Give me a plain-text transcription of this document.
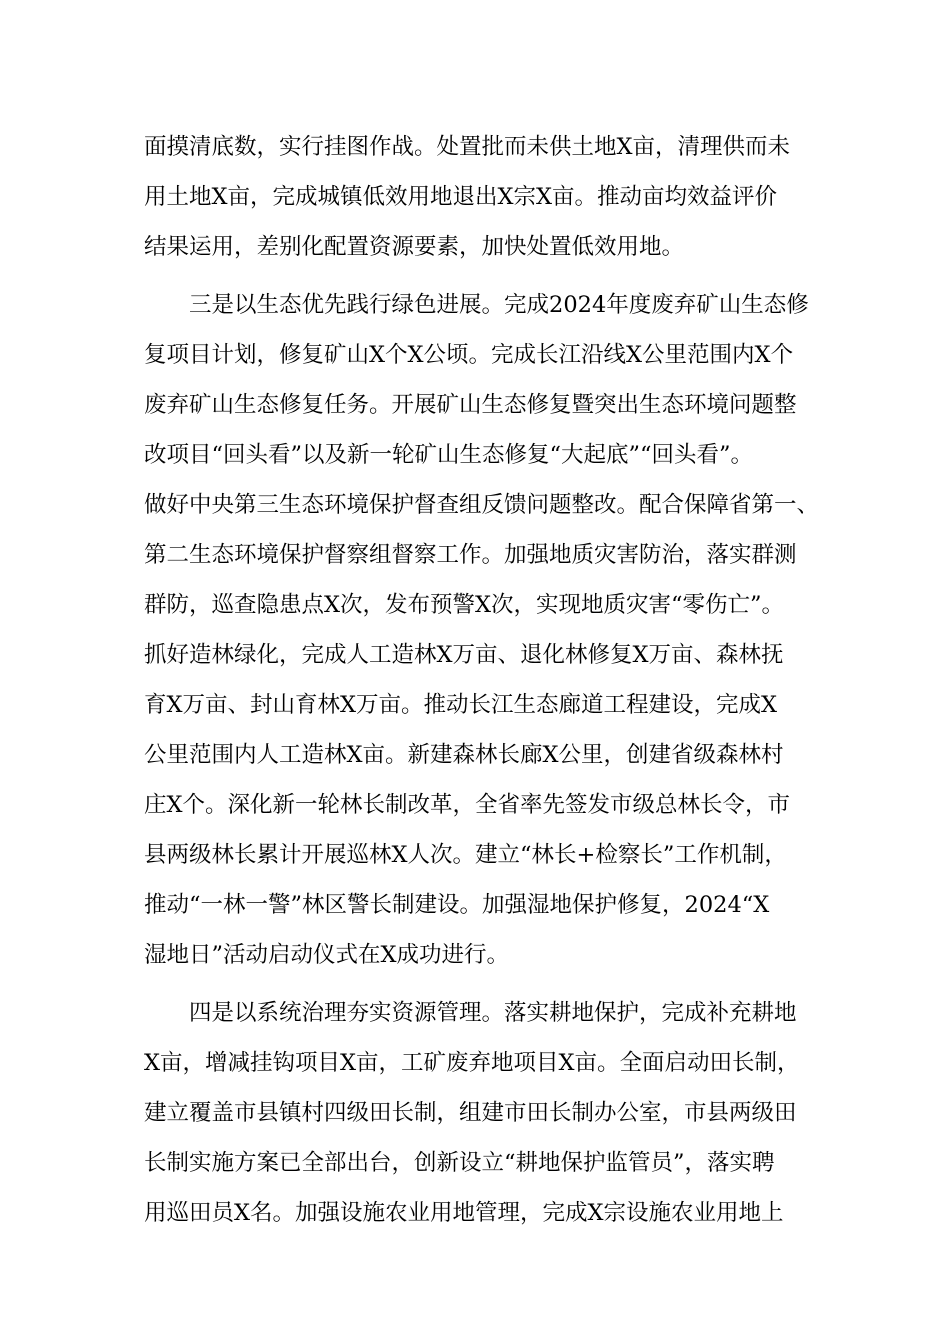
面摸清底数，实行挂图作战。处置批而未供土地X亩，清理供而未
用土地X亩，完成城镇低效用地退出X宗X亩。推动亩均效益评价
结果运用，差别化配置资源要素，加快处置低效用地。
三是以生态优先践行绿色进展。完成2024年度废弃矿山生态修
复项目计划，修复矿山X个X公顷。完成长江沿线X公里范围内X个
废弃矿山生态修复任务。开展矿山生态修复暨突出生态环境问题整
改项目“回头看”以及新一轮矿山生态修复“大起底”“回头看”。
做好中央第三生态环境保护督查组反馈问题整改。配合保障省第一、
第二生态环境保护督察组督察工作。加强地质灾害防治，落实群测
群防，巡查隐患点X次，发布预警X次，实现地质灾害“零伤亡”。
抓好造林绿化，完成人工造林X万亩、退化林修复X万亩、森林抚
育X万亩、封山育林X万亩。推动长江生态廊道工程建设，完成X
公里范围内人工造林X亩。新建森林长廊X公里，创建省级森林村
庄X个。深化新一轮林长制改革，全省率先签发市级总林长令，市
县两级林长累计开展巡林X人次。建立“林长+检察长”工作机制，
推动“一林一警”林区警长制建设。加强湿地保护修复，2024“X
湿地日”活动启动仪式在X成功进行。
四是以系统治理夯实资源管理。落实耕地保护，完成补充耕地
X亩，增减挂钩项目X亩，工矿废弃地项目X亩。全面启动田长制，
建立覆盖市县镇村四级田长制，组建市田长制办公室，市县两级田
长制实施方案已全部出台，创新设立“耕地保护监管员”，落实聘
用巡田员X名。加强设施农业用地管理，完成X宗设施农业用地上
